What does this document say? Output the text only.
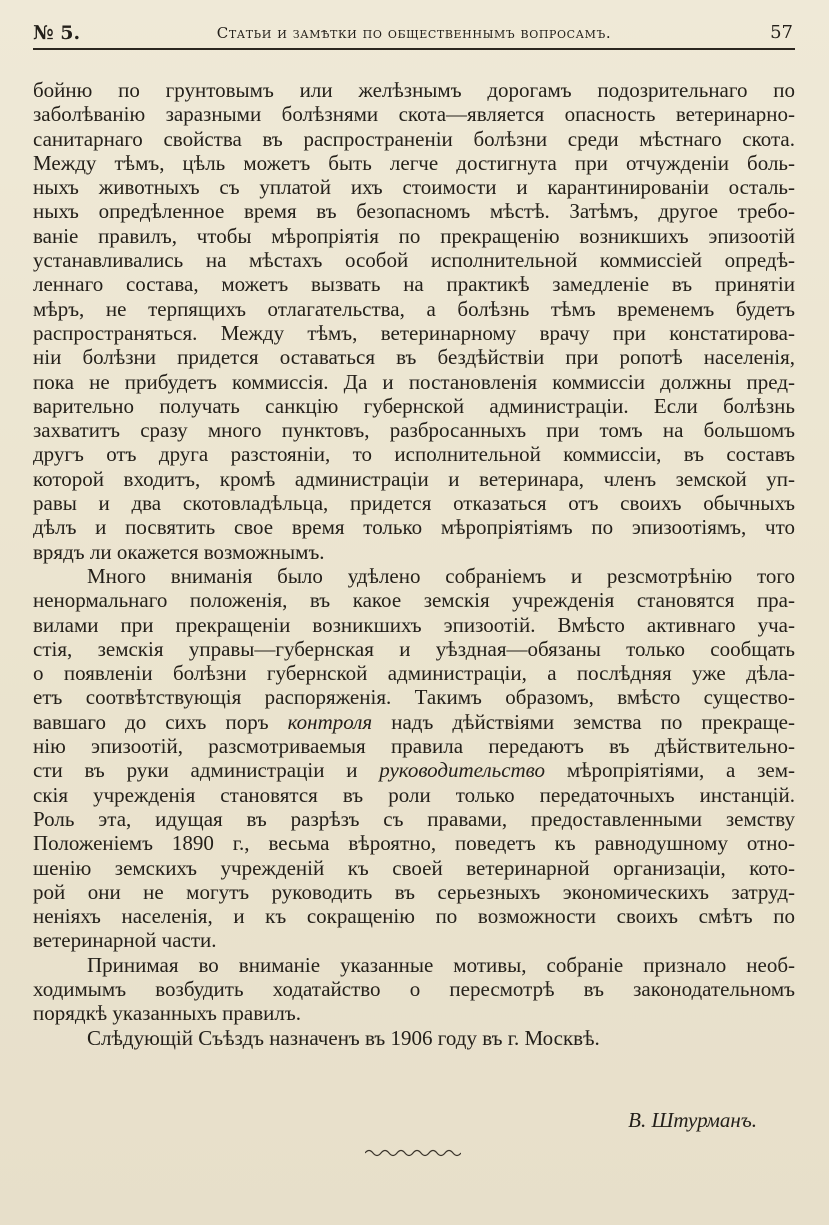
№ 5.	Статьи и замѣтки по общественнымъ вопросамъ.	57
бойню по грунтовымъ или желѣзнымъ дорогамъ подозрительнаго по
заболѣванію заразными болѣзнями скота—является опасность ветеринарно-
санитарнаго свойства въ распространеніи болѣзни среди мѣстнаго скота.
Между тѣмъ, цѣль можетъ быть легче достигнута при отчужденіи боль-
ныхъ животныхъ съ уплатой ихъ стоимости и карантинированіи осталь-
ныхъ опредѣленное время въ безопасномъ мѣстѣ. Затѣмъ, другое требо-
ваніе правилъ, чтобы мѣропріятія по прекращенію возникшихъ эпизоотій
устанавливались на мѣстахъ особой исполнительной коммиссіей опредѣ-
леннаго состава, можетъ вызвать на практикѣ замедленіе въ принятіи
мѣръ, не терпящихъ отлагательства, а болѣзнь тѣмъ временемъ будетъ
распространяться. Между тѣмъ, ветеринарному врачу при констатирова-
ніи болѣзни придется оставаться въ бездѣйствіи при ропотѣ населенія,
пока не прибудетъ коммиссія. Да и постановленія коммиссіи должны пред-
варительно получать санкцію губернской администраціи. Если болѣзнь
захватитъ сразу много пунктовъ, разбросанныхъ при томъ на большомъ
другъ отъ друга разстояніи, то исполнительной коммиссіи, въ составъ
которой входитъ, кромѣ администраціи и ветеринара, членъ земской уп-
равы и два скотовладѣльца, придется отказаться отъ своихъ обычныхъ
дѣлъ и посвятить свое время только мѣропріятіямъ по эпизоотіямъ, что
врядъ ли окажется возможнымъ.
Много вниманія было удѣлено собраніемъ и резсмотрѣнію того
ненормальнаго положенія, въ какое земскія учрежденія становятся пра-
вилами при прекращеніи возникшихъ эпизоотій. Вмѣсто активнаго уча-
стія, земскія управы—губернская и уѣздная—обязаны только сообщать
о появленіи болѣзни губернской администраціи, а послѣдняя уже дѣла-
етъ соотвѣтствующія распоряженія. Такимъ образомъ, вмѣсто существо-
вавшаго до сихъ поръ контроля надъ дѣйствіями земства по прекраще-
нію эпизоотій, разсмотриваемыя правила передаютъ въ дѣйствительно-
сти въ руки администраціи и руководительство мѣропріятіями, а зем-
скія учрежденія становятся въ роли только передаточныхъ инстанцій.
Роль эта, идущая въ разрѣзъ съ правами, предоставленными земству
Положеніемъ 1890 г., весьма вѣроятно, поведетъ къ равнодушному отно-
шенію земскихъ учрежденій къ своей ветеринарной организаціи, кото-
рой они не могутъ руководить въ серьезныхъ экономическихъ затруд-
неніяхъ населенія, и къ сокращенію по возможности своихъ смѣтъ по
ветеринарной части.
Принимая во вниманіе указанные мотивы, собраніе признало необ-
ходимымъ возбудить ходатайство о пересмотрѣ въ законодательномъ
порядкѣ указанныхъ правилъ.
Слѣдующій Съѣздъ назначенъ въ 1906 году въ г. Москвѣ.
В. Штурманъ.
